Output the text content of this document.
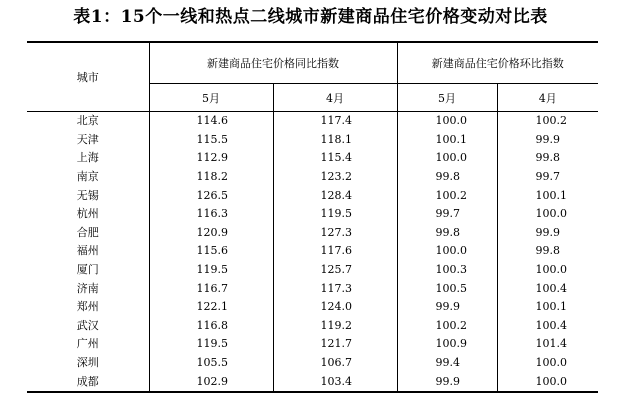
表1：15个一线和热点二线城市新建商品住宅价格变动对比表
城市	新建商品住宅价格同比指数		新建商品住宅价格环比指数	
	5月	4月	5月	4月
北京	114.6	117.4	100.0	100.2
天津	115.5	118.1	100.1	99.9
上海	112.9	115.4	100.0	99.8
南京	118.2	123.2	99.8	99.7
无锡	126.5	128.4	100.2	100.1
杭州	116.3	119.5	99.7	100.0
合肥	120.9	127.3	99.8	99.9
福州	115.6	117.6	100.0	99.8
厦门	119.5	125.7	100.3	100.0
济南	116.7	117.3	100.5	100.4
郑州	122.1	124.0	99.9	100.1
武汉	116.8	119.2	100.2	100.4
广州	119.5	121.7	100.9	101.4
深圳	105.5	106.7	99.4	100.0
成都	102.9	103.4	99.9	100.0
